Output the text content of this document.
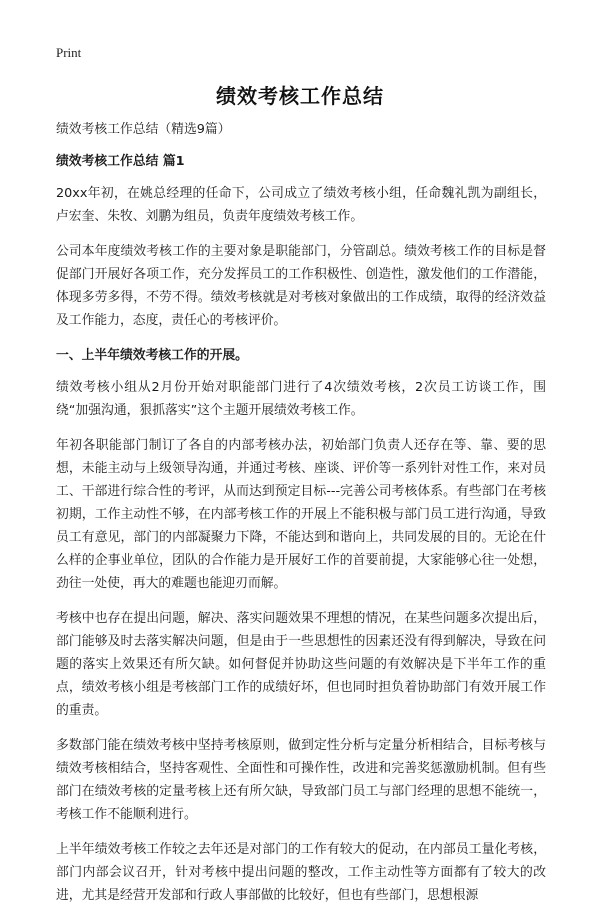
Print
绩效考核工作总结

绩效考核工作总结（精选9篇）

绩效考核工作总结 篇1

20xx年初，在姚总经理的任命下，公司成立了绩效考核小组，任命魏礼凯为副组长，卢宏奎、朱牧、刘鹏为组员，负责年度绩效考核工作。

公司本年度绩效考核工作的主要对象是职能部门，分管副总。绩效考核工作的目标是督促部门开展好各项工作，充分发挥员工的工作积极性、创造性，激发他们的工作潜能，体现多劳多得，不劳不得。绩效考核就是对考核对象做出的工作成绩，取得的经济效益及工作能力，态度，责任心的考核评价。

一、上半年绩效考核工作的开展。

绩效考核小组从2月份开始对职能部门进行了4次绩效考核，2次员工访谈工作，围绕“加强沟通，狠抓落实”这个主题开展绩效考核工作。

年初各职能部门制订了各自的内部考核办法，初始部门负责人还存在等、靠、要的思想，未能主动与上级领导沟通，并通过考核、座谈、评价等一系列针对性工作，来对员工、干部进行综合性的考评，从而达到预定目标---完善公司考核体系。有些部门在考核初期，工作主动性不够，在内部考核工作的开展上不能积极与部门员工进行沟通，导致员工有意见，部门的内部凝聚力下降，不能达到和谐向上，共同发展的目的。无论在什么样的企事业单位，团队的合作能力是开展好工作的首要前提，大家能够心往一处想，劲往一处使，再大的难题也能迎刃而解。

考核中也存在提出问题，解决、落实问题效果不理想的情况，在某些问题多次提出后，部门能够及时去落实解决问题，但是由于一些思想性的因素还没有得到解决，导致在问题的落实上效果还有所欠缺。如何督促并协助这些问题的有效解决是下半年工作的重点，绩效考核小组是考核部门工作的成绩好坏，但也同时担负着协助部门有效开展工作的重责。

多数部门能在绩效考核中坚持考核原则，做到定性分析与定量分析相结合，目标考核与绩效考核相结合，坚持客观性、全面性和可操作性，改进和完善奖惩激励机制。但有些部门在绩效考核的定量考核上还有所欠缺，导致部门员工与部门经理的思想不能统一，考核工作不能顺利进行。

上半年绩效考核工作较之去年还是对部门的工作有较大的促动，在内部员工量化考核，部门内部会议召开，针对考核中提出问题的整改，工作主动性等方面都有了较大的改进，尤其是经营开发部和行政人事部做的比较好，但也有些部门，思想根源
